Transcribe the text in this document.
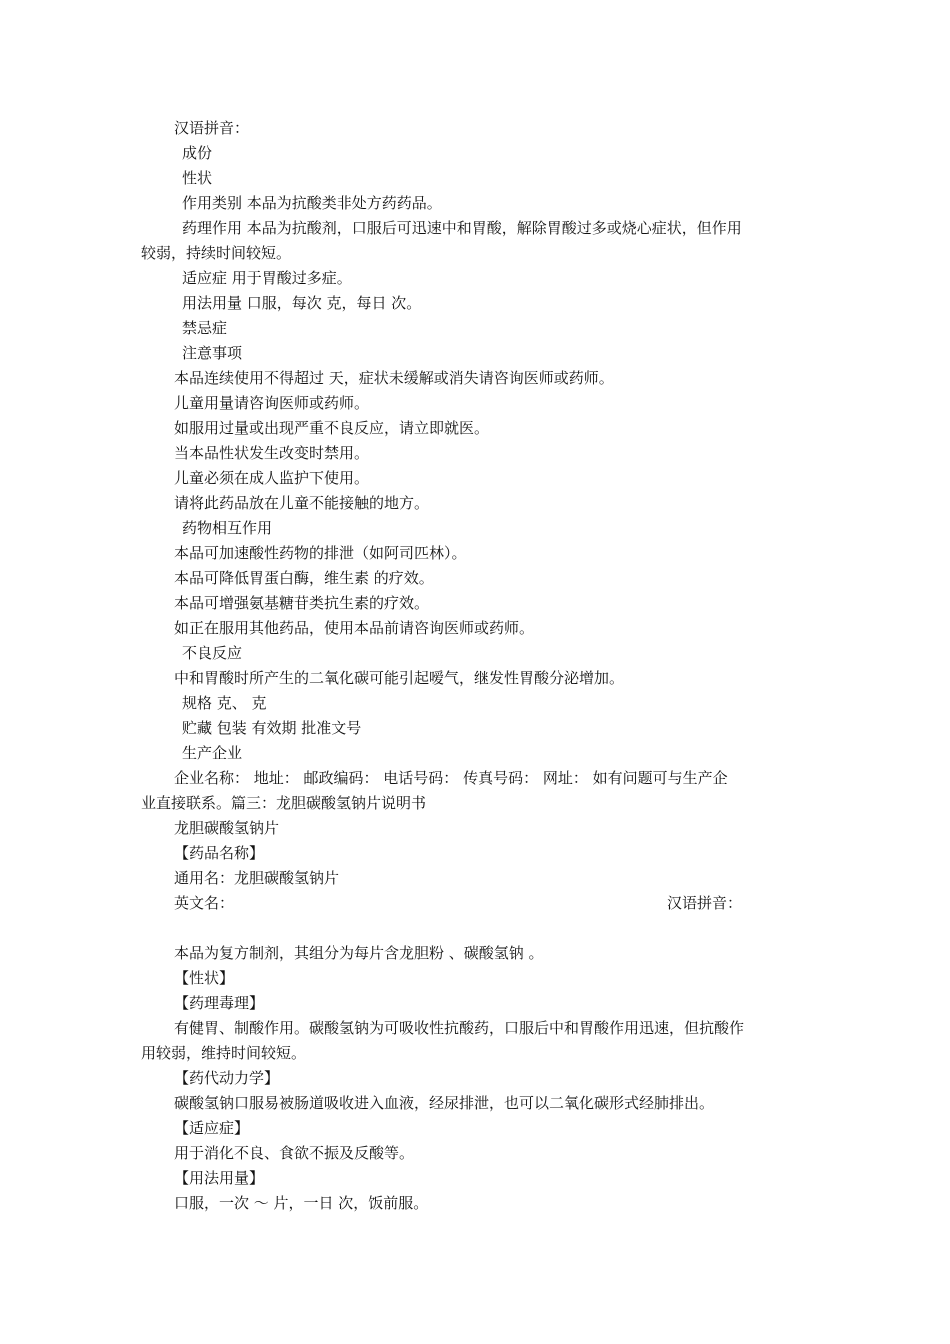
汉语拼音：
成份
性状
作用类别 本品为抗酸类非处方药药品。
药理作用 本品为抗酸剂，口服后可迅速中和胃酸，解除胃酸过多或烧心症状，但作用
较弱，持续时间较短。
适应症 用于胃酸过多症。
用法用量 口服，每次 克，每日 次。
禁忌症
注意事项
本品连续使用不得超过 天，症状未缓解或消失请咨询医师或药师。
儿童用量请咨询医师或药师。
如服用过量或出现严重不良反应，请立即就医。
当本品性状发生改变时禁用。
儿童必须在成人监护下使用。
请将此药品放在儿童不能接触的地方。
药物相互作用
本品可加速酸性药物的排泄（如阿司匹林）。
本品可降低胃蛋白酶，维生素 的疗效。
本品可增强氨基糖苷类抗生素的疗效。
如正在服用其他药品，使用本品前请咨询医师或药师。
不良反应
中和胃酸时所产生的二氧化碳可能引起嗳气，继发性胃酸分泌增加。
规格 克、 克
贮藏 包装 有效期 批准文号
生产企业
企业名称： 地址： 邮政编码： 电话号码： 传真号码： 网址： 如有问题可与生产企
业直接联系。篇三：龙胆碳酸氢钠片说明书
龙胆碳酸氢钠片
【药品名称】
通用名：龙胆碳酸氢钠片
英文名：	汉语拼音：
本品为复方制剂，其组分为每片含龙胆粉 、碳酸氢钠 。
【性状】
【药理毒理】
有健胃、制酸作用。碳酸氢钠为可吸收性抗酸药，口服后中和胃酸作用迅速，但抗酸作
用较弱，维持时间较短。
【药代动力学】
碳酸氢钠口服易被肠道吸收进入血液，经尿排泄，也可以二氧化碳形式经肺排出。
【适应症】
用于消化不良、食欲不振及反酸等。
【用法用量】
口服，一次 ～ 片，一日 次，饭前服。
